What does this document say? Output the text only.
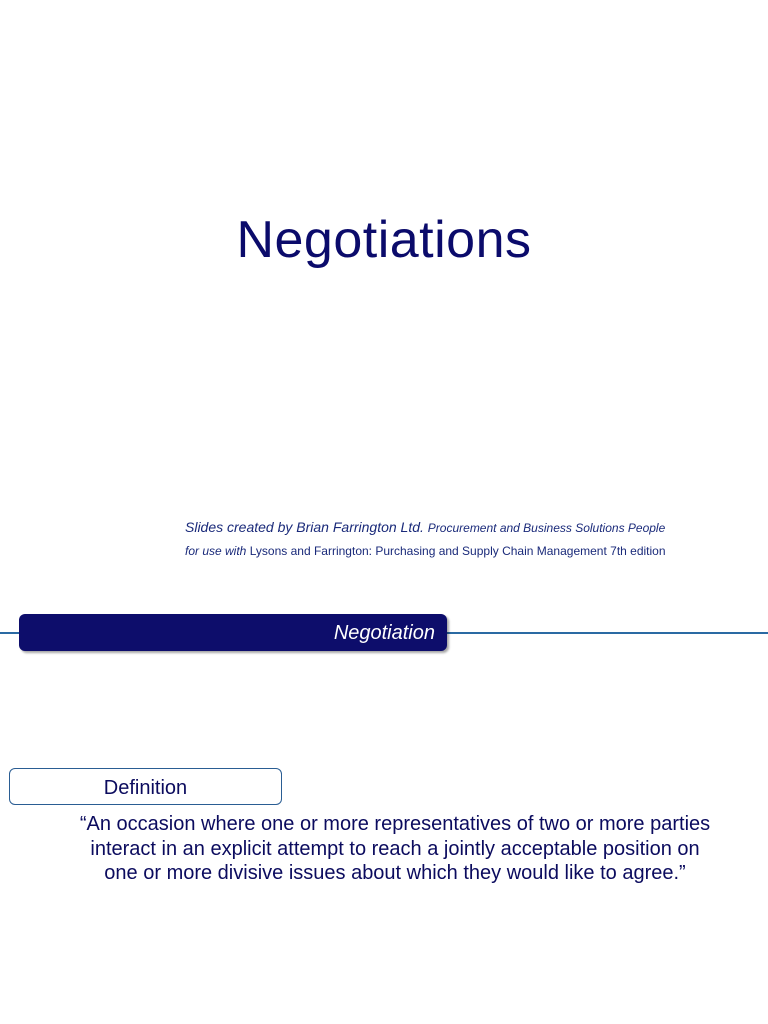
Negotiations
Slides created by Brian Farrington Ltd. Procurement and Business Solutions People
for use with Lysons and Farrington: Purchasing and Supply Chain Management 7th edition
Negotiation
Definition
“An occasion where one or more representatives of two or more parties interact in an explicit attempt to reach a jointly acceptable position on one or more divisive issues about which they would like to agree.”
